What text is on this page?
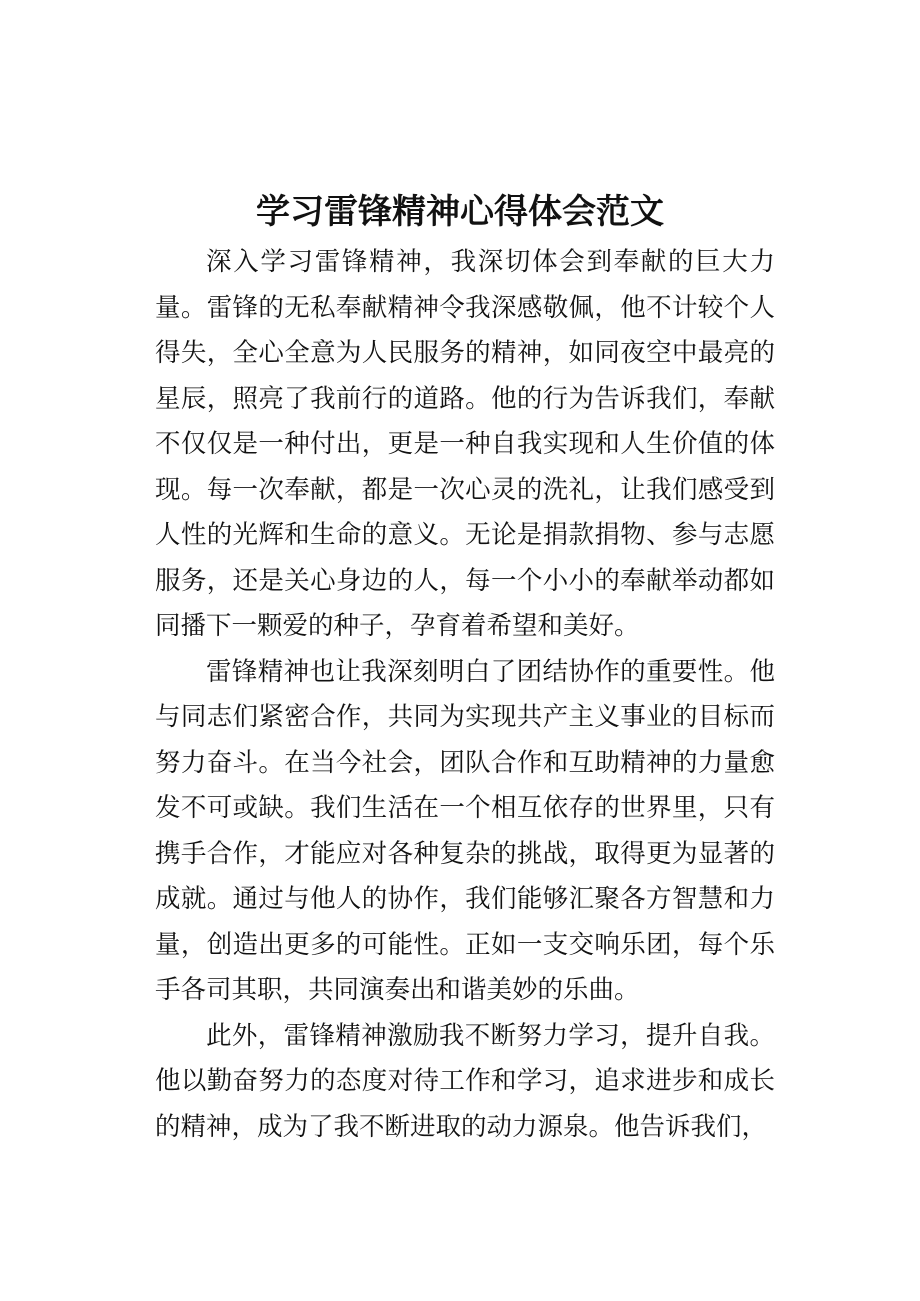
学习雷锋精神心得体会范文

深入学习雷锋精神，我深切体会到奉献的巨大力量。雷锋的无私奉献精神令我深感敬佩，他不计较个人得失，全心全意为人民服务的精神，如同夜空中最亮的星辰，照亮了我前行的道路。他的行为告诉我们，奉献不仅仅是一种付出，更是一种自我实现和人生价值的体现。每一次奉献，都是一次心灵的洗礼，让我们感受到人性的光辉和生命的意义。无论是捐款捐物、参与志愿服务，还是关心身边的人，每一个小小的奉献举动都如同播下一颗爱的种子，孕育着希望和美好。

雷锋精神也让我深刻明白了团结协作的重要性。他与同志们紧密合作，共同为实现共产主义事业的目标而努力奋斗。在当今社会，团队合作和互助精神的力量愈发不可或缺。我们生活在一个相互依存的世界里，只有携手合作，才能应对各种复杂的挑战，取得更为显著的成就。通过与他人的协作，我们能够汇聚各方智慧和力量，创造出更多的可能性。正如一支交响乐团，每个乐手各司其职，共同演奏出和谐美妙的乐曲。

此外，雷锋精神激励我不断努力学习，提升自我。他以勤奋努力的态度对待工作和学习，追求进步和成长的精神，成为了我不断进取的动力源泉。他告诉我们，
